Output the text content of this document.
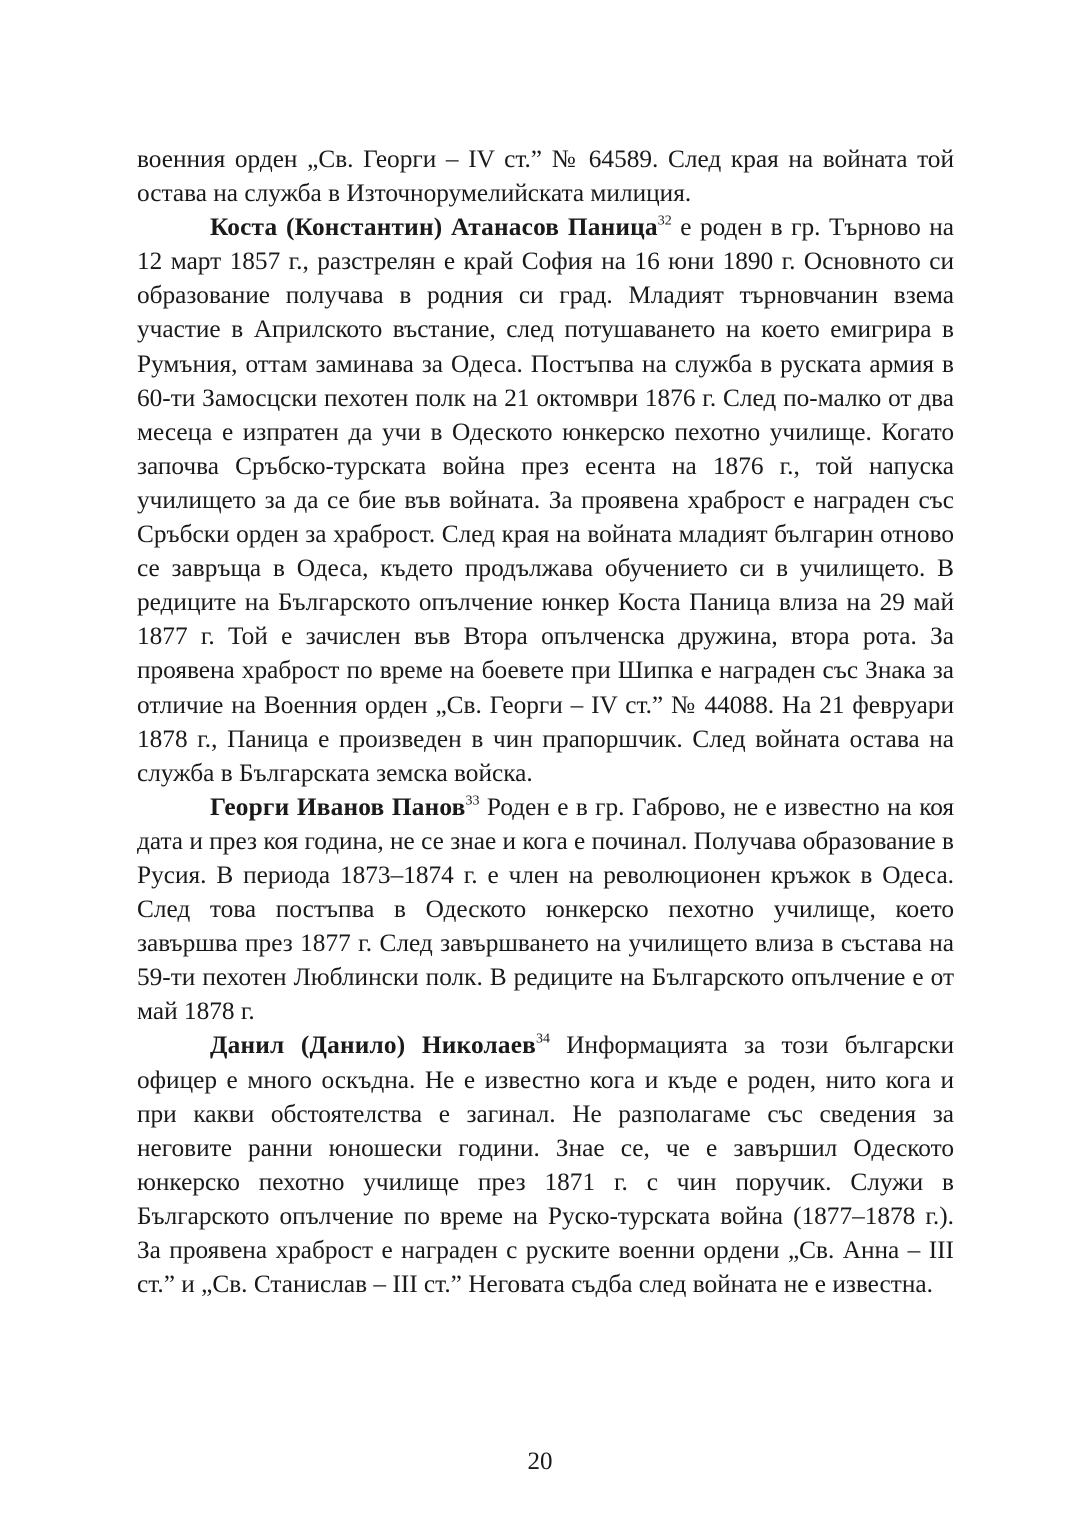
военния орден „Св. Георги – IV ст.” № 64589. След края на войната той остава на служба в Източнорумелийската милиция.

Коста (Константин) Атанасов Паница$^{32}$ е роден в гр. Търново на 12 март 1857 г., разстрелян е край София на 16 юни 1890 г. Основното си образование получава в родния си град. Младият търновчанин взема участие в Априлското въстание, след потушаването на което емигрира в Румъния, оттам заминава за Одеса. Постъпва на служба в руската армия в 60-ти Замосцски пехотен полк на 21 октомври 1876 г. След по-малко от два месеца е изпратен да учи в Одеското юнкерско пехотно училище. Когато започва Сръбско-турската война през есента на 1876 г., той напуска училището за да се бие във войната. За проявена храброст е награден със Сръбски орден за храброст. След края на войната младият българин отново се завръща в Одеса, където продължава обучението си в училището. В редиците на Българското опълчение юнкер Коста Паница влиза на 29 май 1877 г. Той е зачислен във Втора опълченска дружина, втора рота. За проявена храброст по време на боевете при Шипка е награден със Знака за отличие на Военния орден „Св. Георги – IV ст.” № 44088. На 21 февруари 1878 г., Паница е произведен в чин прапоршчик. След войната остава на служба в Българската земска войска.

Георги Иванов Панов$^{33}$ Роден е в гр. Габрово, не е известно на коя дата и през коя година, не се знае и кога е починал. Получава образование в Русия. В периода 1873–1874 г. е член на революционен кръжок в Одеса. След това постъпва в Одеското юнкерско пехотно училище, което завършва през 1877 г. След завършването на училището влиза в състава на 59-ти пехотен Люблински полк. В редиците на Българското опълчение е от май 1878 г.

Данил (Данило) Николаев$^{34}$ Информацията за този български офицер е много оскъдна. Не е известно кога и къде е роден, нито кога и при какви обстоятелства е загинал. Не разполагаме със сведения за неговите ранни юношески години. Знае се, че е завършил Одеското юнкерско пехотно училище през 1871 г. с чин поручик. Служи в Българското опълчение по време на Руско-турската война (1877–1878 г.). За проявена храброст е награден с руските военни ордени „Св. Анна – III ст.” и „Св. Станислав – III ст.” Неговата съдба след войната не е известна.

20
